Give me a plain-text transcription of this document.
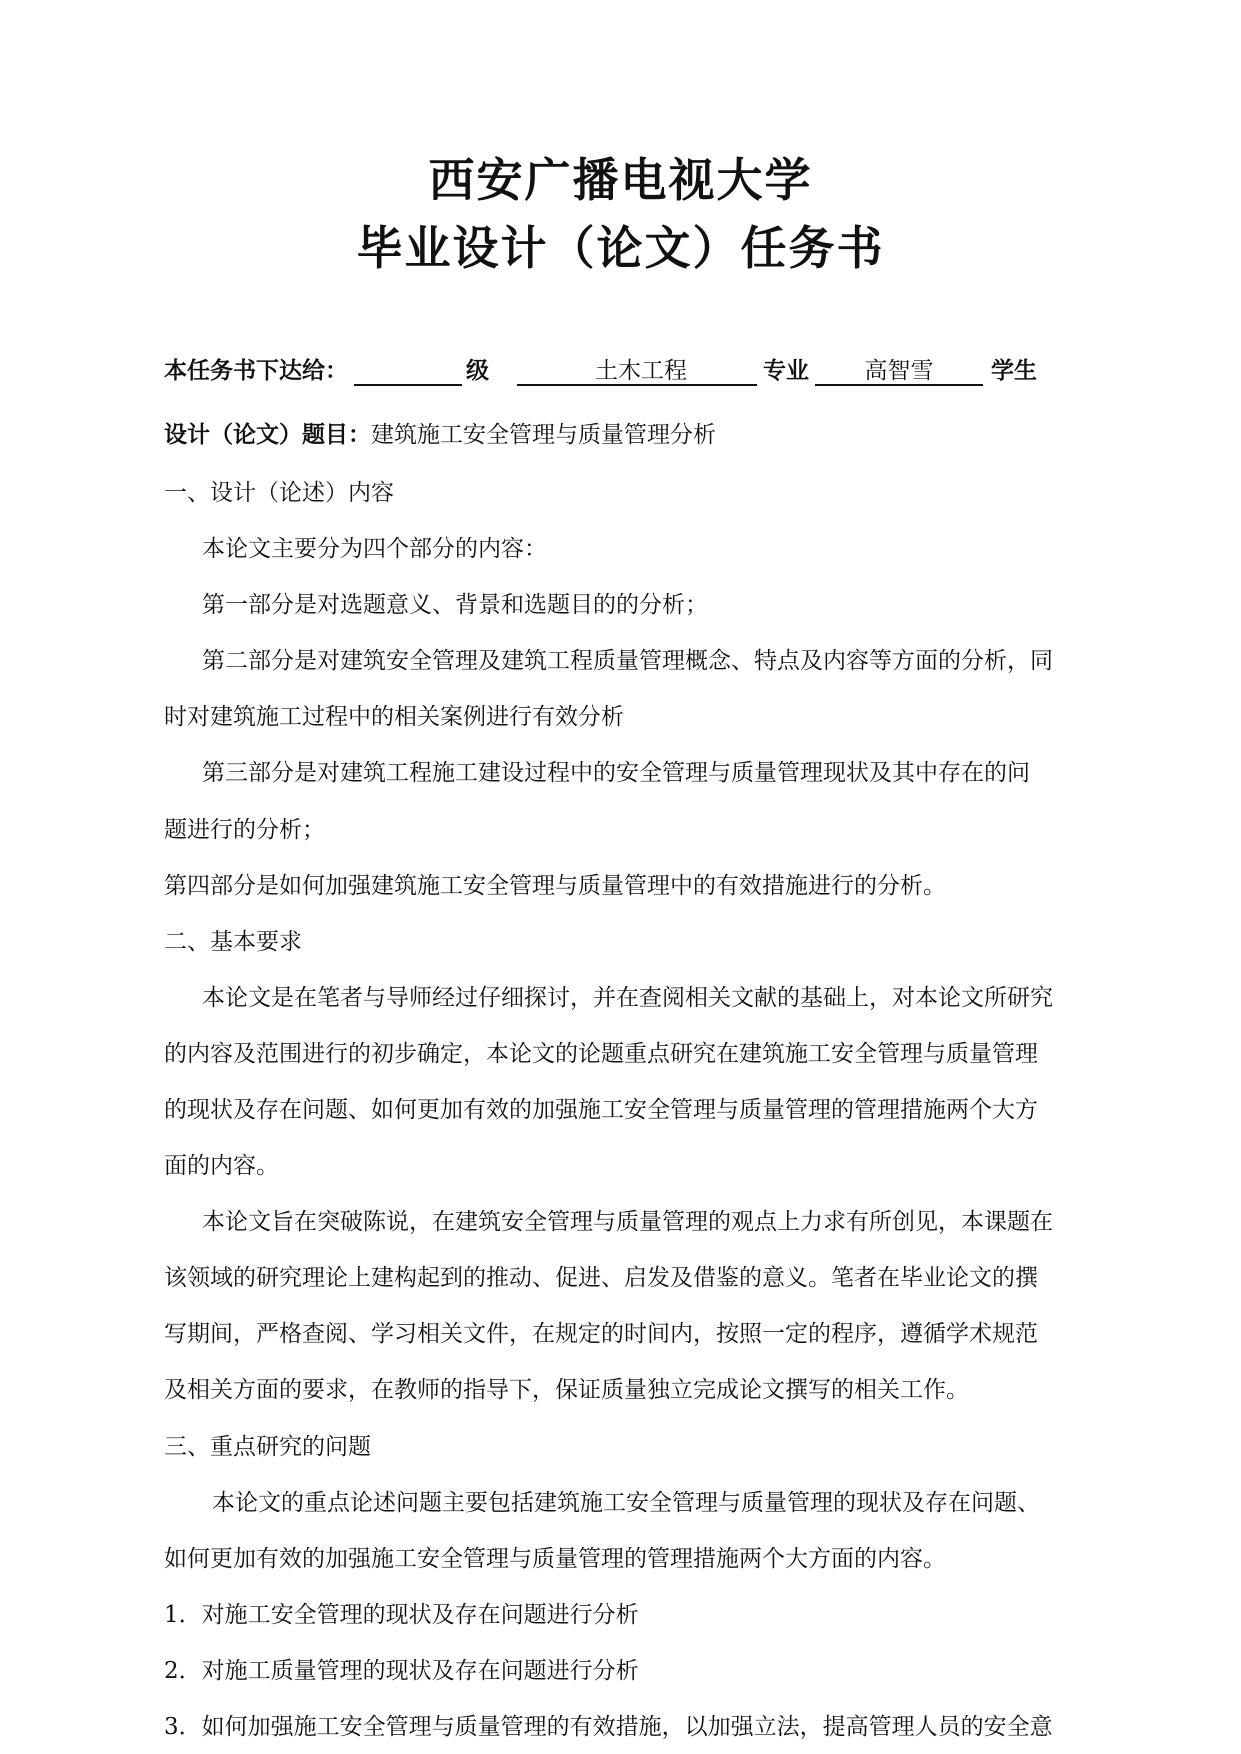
西安广播电视大学
毕业设计（论文）任务书
本任务书下达给：	级	土木工程	专业 高智雪	学生
设计（论文）题目：建筑施工安全管理与质量管理分析
一、设计（论述）内容
本论文主要分为四个部分的内容：
第一部分是对选题意义、背景和选题目的的分析；
第二部分是对建筑安全管理及建筑工程质量管理概念、特点及内容等方面的分析，同
时对建筑施工过程中的相关案例进行有效分析
第三部分是对建筑工程施工建设过程中的安全管理与质量管理现状及其中存在的问
题进行的分析；
第四部分是如何加强建筑施工安全管理与质量管理中的有效措施进行的分析。
二、基本要求
本论文是在笔者与导师经过仔细探讨，并在查阅相关文献的基础上，对本论文所研究
的内容及范围进行的初步确定，本论文的论题重点研究在建筑施工安全管理与质量管理
的现状及存在问题、如何更加有效的加强施工安全管理与质量管理的管理措施两个大方
面的内容。
本论文旨在突破陈说，在建筑安全管理与质量管理的观点上力求有所创见，本课题在
该领域的研究理论上建构起到的推动、促进、启发及借鉴的意义。笔者在毕业论文的撰
写期间，严格查阅、学习相关文件，在规定的时间内，按照一定的程序，遵循学术规范
及相关方面的要求，在教师的指导下，保证质量独立完成论文撰写的相关工作。
三、重点研究的问题
本论文的重点论述问题主要包括建筑施工安全管理与质量管理的现状及存在问题、
如何更加有效的加强施工安全管理与质量管理的管理措施两个大方面的内容。
1．对施工安全管理的现状及存在问题进行分析
2．对施工质量管理的现状及存在问题进行分析
3．如何加强施工安全管理与质量管理的有效措施，以加强立法，提高管理人员的安全意
